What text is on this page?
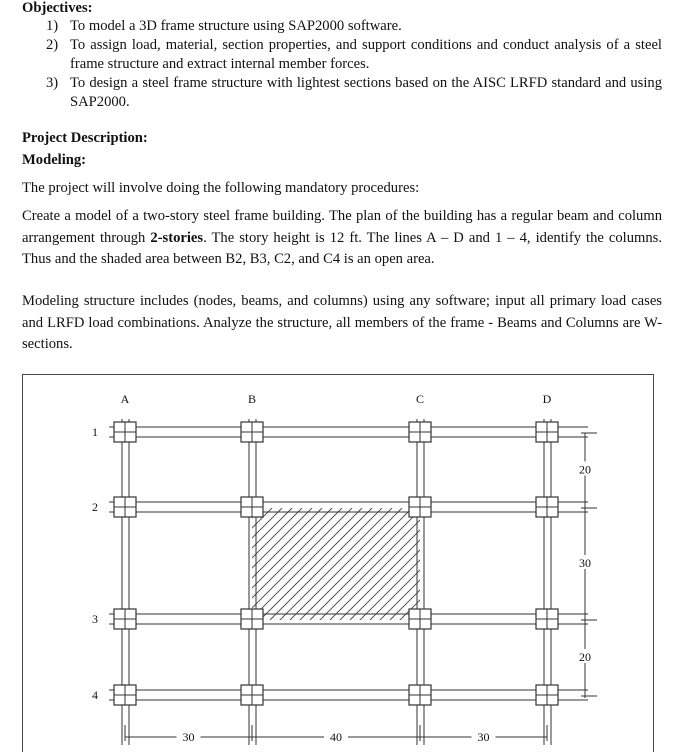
Objectives:
1) To model a 3D frame structure using SAP2000 software.
2) To assign load, material, section properties, and support conditions and conduct analysis of a steel frame structure and extract internal member forces.
3) To design a steel frame structure with lightest sections based on the AISC LRFD standard and using SAP2000.
Project Description:
Modeling:
The project will involve doing the following mandatory procedures:
Create a model of a two-story steel frame building. The plan of the building has a regular beam and column arrangement through 2-stories. The story height is 12 ft. The lines A – D and 1 – 4, identify the columns. Thus and the shaded area between B2, B3, C2, and C4 is an open area.
Modeling structure includes (nodes, beams, and columns) using any software; input all primary load cases and LRFD load combinations. Analyze the structure, all members of the frame - Beams and Columns are W-sections.
A	B	C	D
1
2
3
4
20
30
20
30	40	30
